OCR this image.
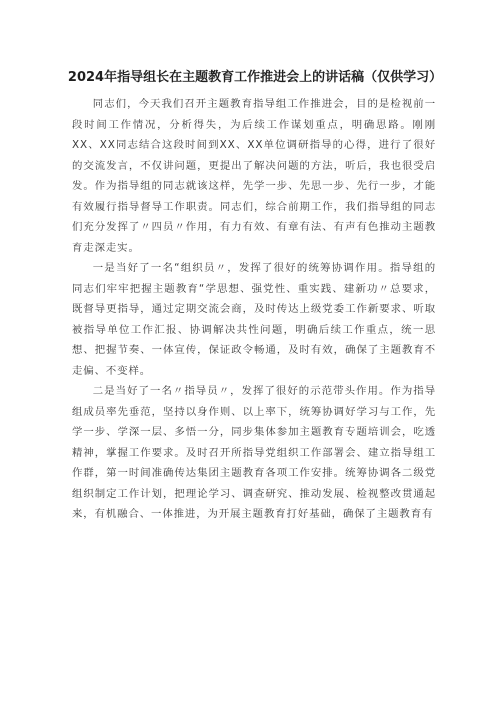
2024年指导组长在主题教育工作推进会上的讲话稿（仅供学习）

同志们，今天我们召开主题教育指导组工作推进会，目的是检视前一段时间工作情况，分析得失，为后续工作谋划重点，明确思路。刚刚XX、XX同志结合这段时间到XX、XX单位调研指导的心得，进行了很好的交流发言，不仅讲问题，更提出了解决问题的方法，听后，我也很受启发。作为指导组的同志就该这样，先学一步、先思一步、先行一步，才能有效履行指导督导工作职责。同志们，综合前期工作，我们指导组的同志们充分发挥了〃四员〃作用，有力有效、有章有法、有声有色推动主题教育走深走实。

一是当好了一名“组织员〃，发挥了很好的统筹协调作用。指导组的同志们牢牢把握主题教育“学思想、强党性、重实践、建新功〃总要求，既督导更指导，通过定期交流会商，及时传达上级党委工作新要求、听取被指导单位工作汇报、协调解决共性问题，明确后续工作重点，统一思想、把握节奏、一体宣传，保证政令畅通，及时有效，确保了主题教育不走偏、不变样。

二是当好了一名〃指导员〃，发挥了很好的示范带头作用。作为指导组成员率先垂范，坚持以身作则、以上率下，统筹协调好学习与工作，先学一步、学深一层、多悟一分，同步集体参加主题教育专题培训会，吃透精神，掌握工作要求。及时召开所指导党组织工作部署会、建立指导组工作群，第一时间准确传达集团主题教育各项工作安排。统筹协调各二级党组织制定工作计划，把理论学习、调查研究、推动发展、检视整改贯通起来，有机融合、一体推进，为开展主题教育打好基础，确保了主题教育有
